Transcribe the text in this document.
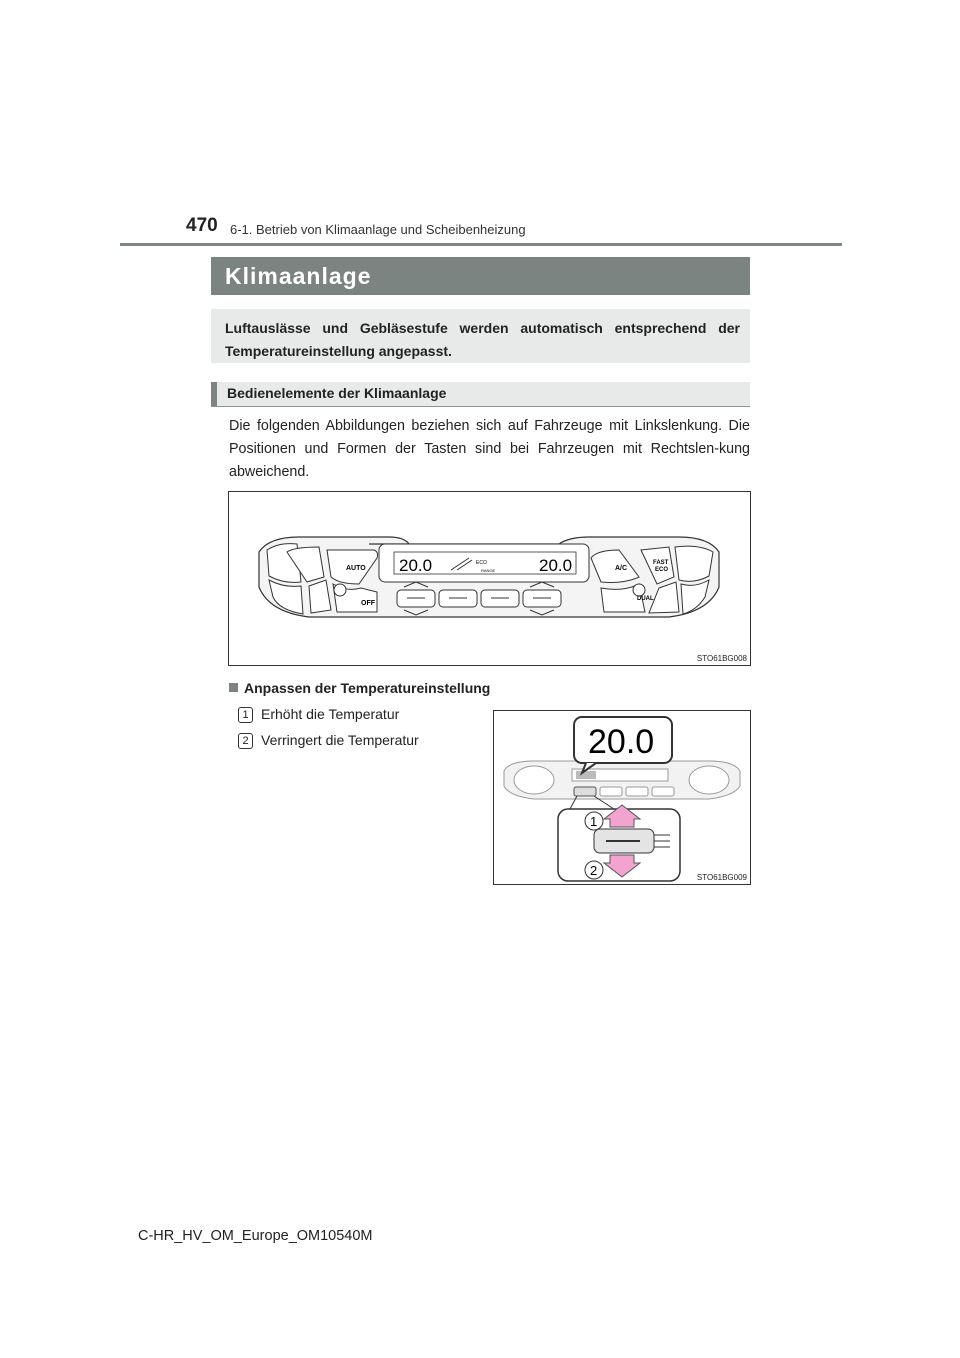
470 6-1. Betrieb von Klimaanlage und Scheibenheizung
Klimaanlage
Luftauslässe und Gebläsestufe werden automatisch entsprechend der Temperatureinstellung angepasst.
Bedienelemente der Klimaanlage
Die folgenden Abbildungen beziehen sich auf Fahrzeuge mit Linkslenkung. Die Positionen und Formen der Tasten sind bei Fahrzeugen mit Rechtslen-kung abweichend.
AUTO
OFF
20.0	20.0
ECO
RANGE	A/C
FAST
ECO
DUAL
STO61BG008
Anpassen der Temperatureinstellung
1 Erhöht die Temperatur
2 Verringert die Temperatur	20.0
1
2	STO61BG009
C-HR_HV_OM_Europe_OM10540M
